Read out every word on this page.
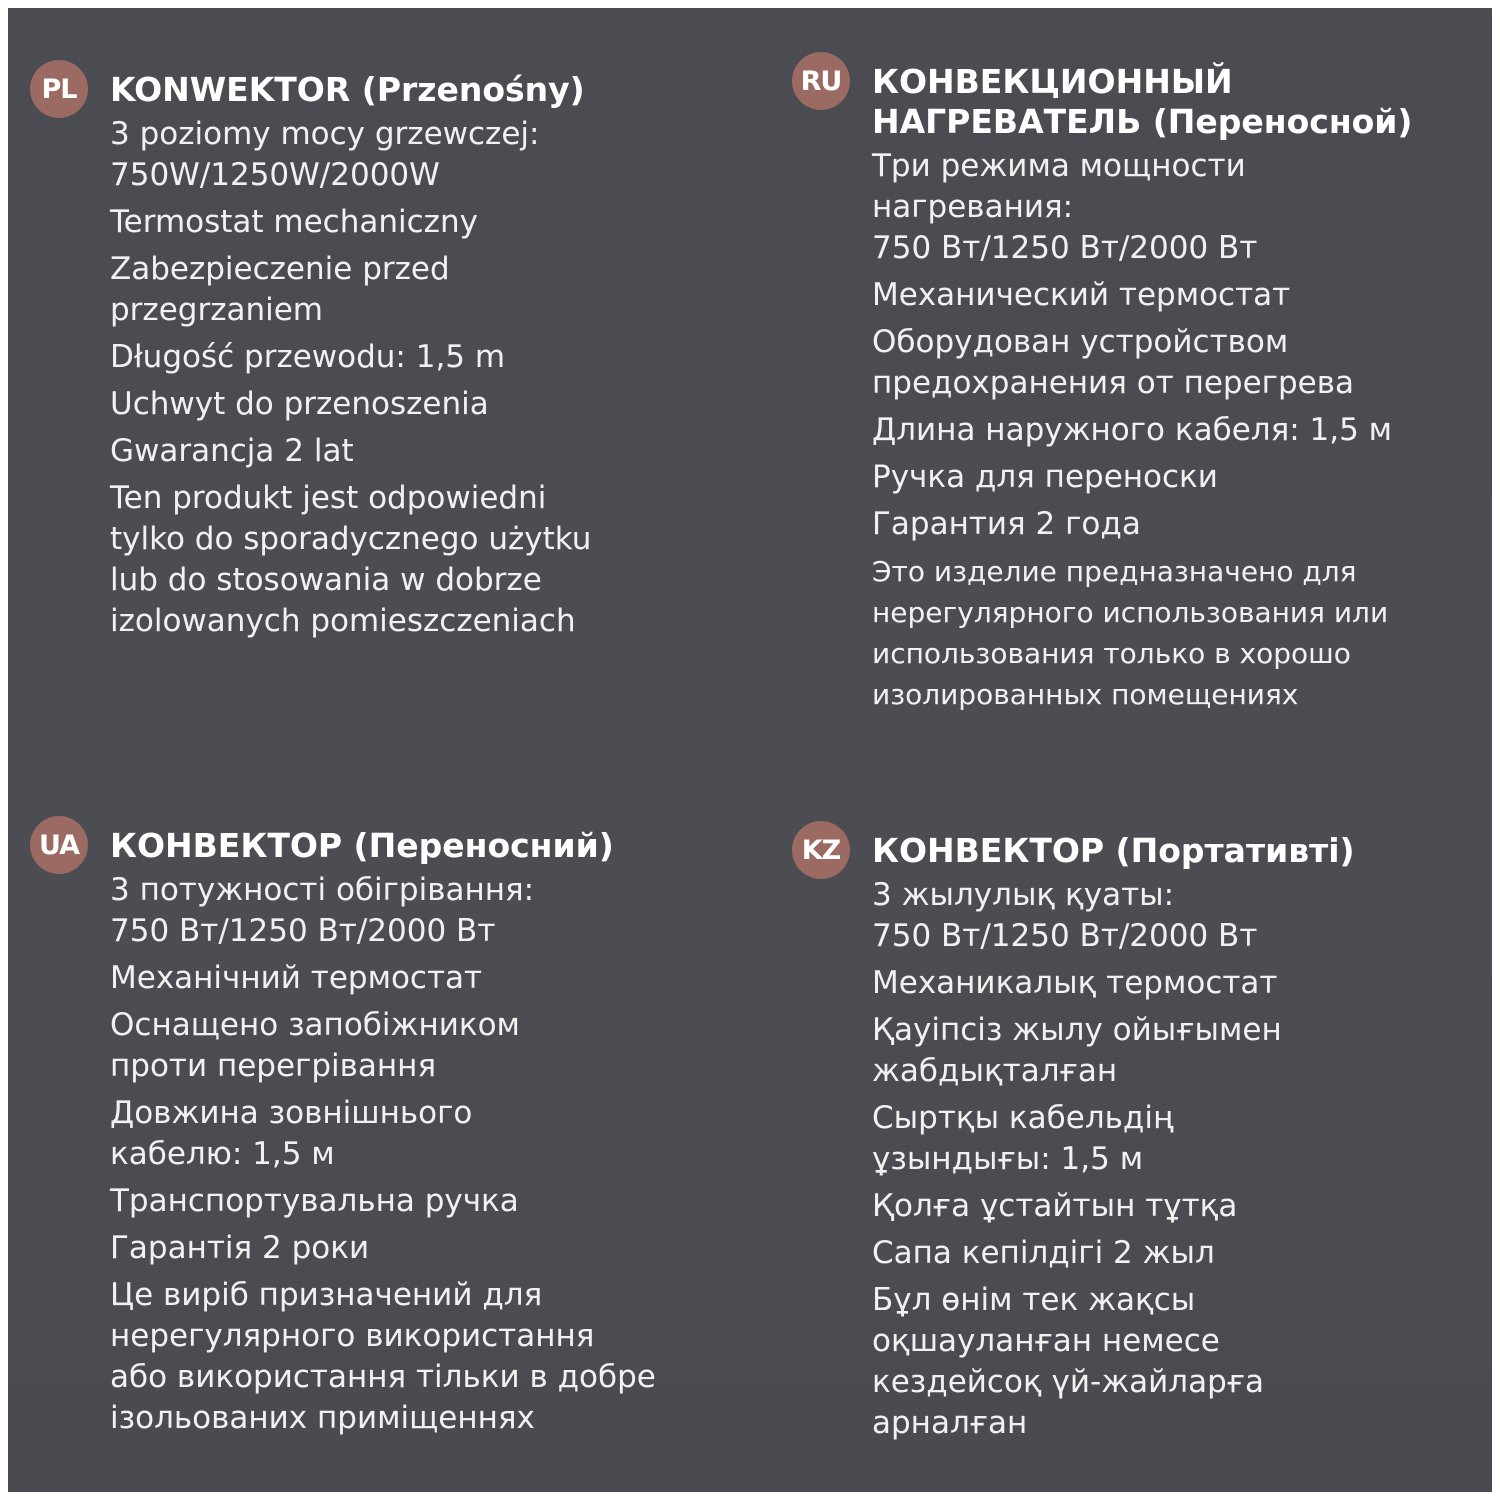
PL	KONWEKTOR (Przenośny)
3 poziomy mocy grzewczej:
750W/1250W/2000W
Termostat mechaniczny
Zabezpieczenie przed
przegrzaniem
Długość przewodu: 1,5 m
Uchwyt do przenoszenia
Gwarancja 2 lat
Ten produkt jest odpowiedni
tylko do sporadycznego użytku
lub do stosowania w dobrze
izolowanych pomieszczeniach
RU КОНВЕКЦИОННЫЙ
НАГРЕВАТЕЛЬ (Переносной)
Три режима мощности
нагревания:
750 Вт/1250 Вт/2000 Вт
Механический термостат
Оборудован устройством
предохранения от перегрева
Длина наружного кабеля: 1,5 м
Ручка для переноски
Гарантия 2 года
Это изделие предназначено для
нерегулярного использования или
использования только в хорошо
изолированных помещениях
UA КОНВЕКТОР (Переносний)
3 потужності обігрівання:
750 Вт/1250 Вт/2000 Вт
Механічний термостат
Оснащено запобіжником
проти перегрівання
Довжина зовнішнього
кабелю: 1,5 м
Транспортувальна ручка
Гарантія 2 роки
Це виріб призначений для
нерегулярного використання
або використання тільки в добре
ізольованих приміщеннях
KZ КОНВЕКТОР (Портативті)
3 жылулық қуаты:
750 Вт/1250 Вт/2000 Вт
Механикалық термостат
Қауіпсіз жылу ойығымен
жабдықталған
Сыртқы кабельдің
ұзындығы: 1,5 м
Қолға ұстайтын тұтқа
Сапа кепілдігі 2 жыл
Бұл өнім тек жақсы
оқшауланған немесе
кездейсоқ үй-жайларға
арналған
